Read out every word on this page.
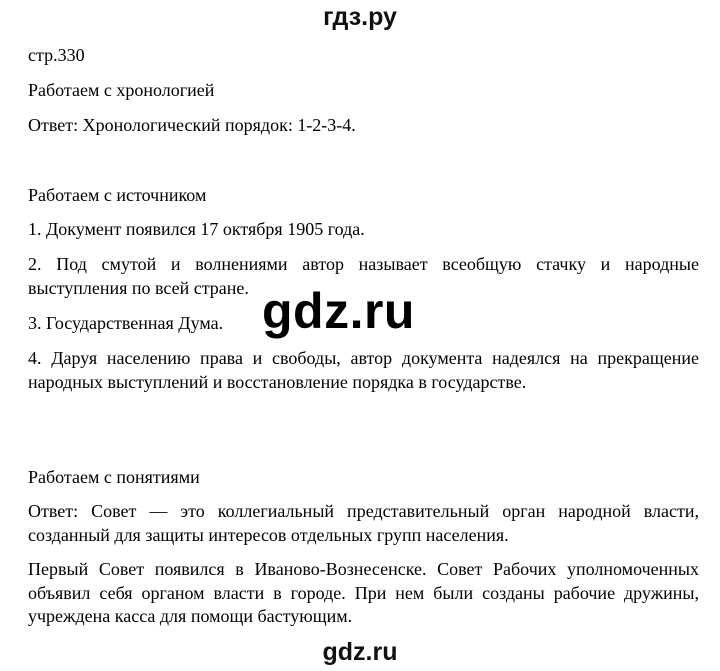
гдз.ру
стр.330
Работаем с хронологией
Ответ: Хронологический порядок: 1-2-3-4.
Работаем с источником
1. Документ появился 17 октября 1905 года.
2. Под смутой и волнениями автор называет всеобщую стачку и народные выступления по всей стране.
3. Государственная Дума.
4. Даруя населению права и свободы, автор документа надеялся на прекращение народных выступлений и восстановление порядка в государстве.
Работаем с понятиями
Ответ: Совет — это коллегиальный представительный орган народной власти, созданный для защиты интересов отдельных групп населения.
Первый Совет появился в Иваново-Вознесенске. Совет Рабочих уполномоченных объявил себя органом власти в городе. При нем были созданы рабочие дружины, учреждена касса для помощи бастующим.
gdz.ru
gdz.ru
